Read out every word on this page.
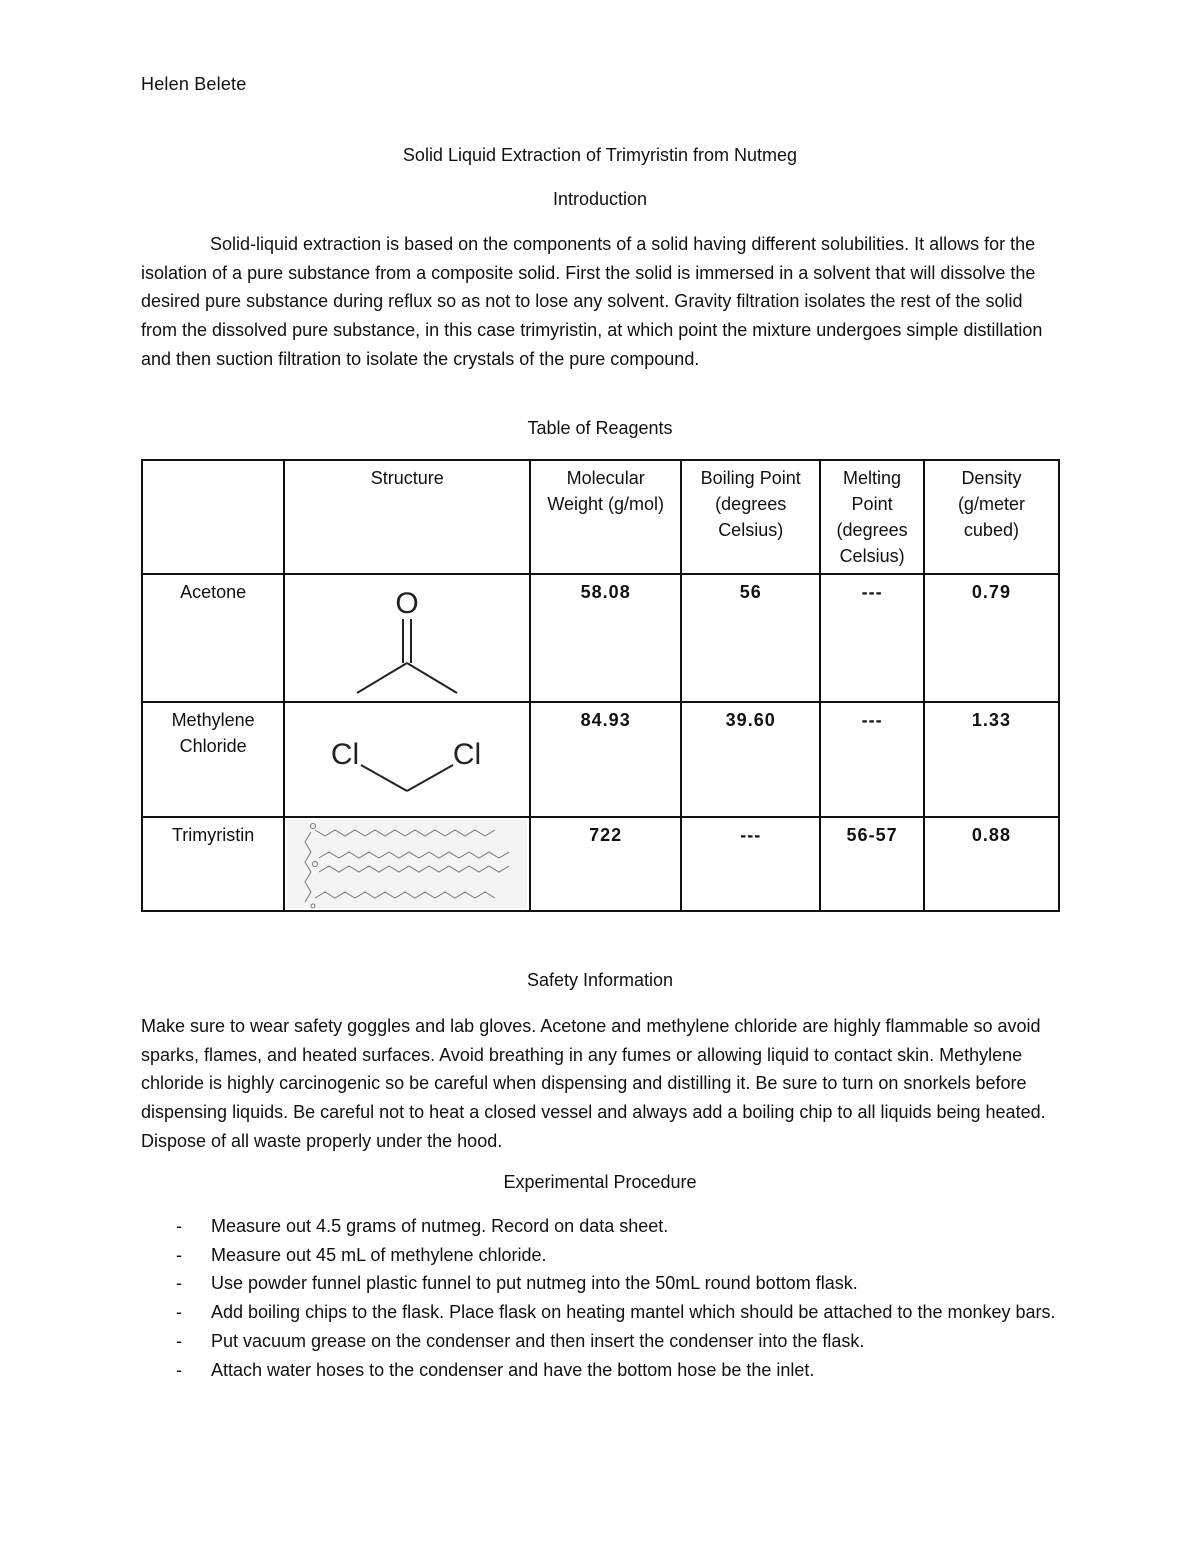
Helen Belete
Solid Liquid Extraction of Trimyristin from Nutmeg
Introduction

Solid-liquid extraction is based on the components of a solid having different solubilities. It allows for the isolation of a pure substance from a composite solid. First the solid is immersed in a solvent that will dissolve the desired pure substance during reflux so as not to lose any solvent. Gravity filtration isolates the rest of the solid from the dissolved pure substance, in this case trimyristin, at which point the mixture undergoes simple distillation and then suction filtration to isolate the crystals of the pure compound.

Table of Reagents
	Structure	Molecular Weight (g/mol)	Boiling Point (degrees Celsius)	Melting Point (degrees Celsius)	Density (g/meter cubed)
Acetone	O	58.08	56	---	0.79
Methylene Chloride	Cl Cl	84.93	39.60	---	1.33
Trimyristin		722	---	56-57	0.88
Safety Information

Make sure to wear safety goggles and lab gloves. Acetone and methylene chloride are highly flammable so avoid sparks, flames, and heated surfaces. Avoid breathing in any fumes or allowing liquid to contact skin. Methylene chloride is highly carcinogenic so be careful when dispensing and distilling it. Be sure to turn on snorkels before dispensing liquids. Be careful not to heat a closed vessel and always add a boiling chip to all liquids being heated. Dispose of all waste properly under the hood.

Experimental Procedure
- Measure out 4.5 grams of nutmeg. Record on data sheet.
- Measure out 45 mL of methylene chloride.
- Use powder funnel plastic funnel to put nutmeg into the 50mL round bottom flask.
- Add boiling chips to the flask. Place flask on heating mantel which should be attached to the monkey bars.
- Put vacuum grease on the condenser and then insert the condenser into the flask.
- Attach water hoses to the condenser and have the bottom hose be the inlet.
